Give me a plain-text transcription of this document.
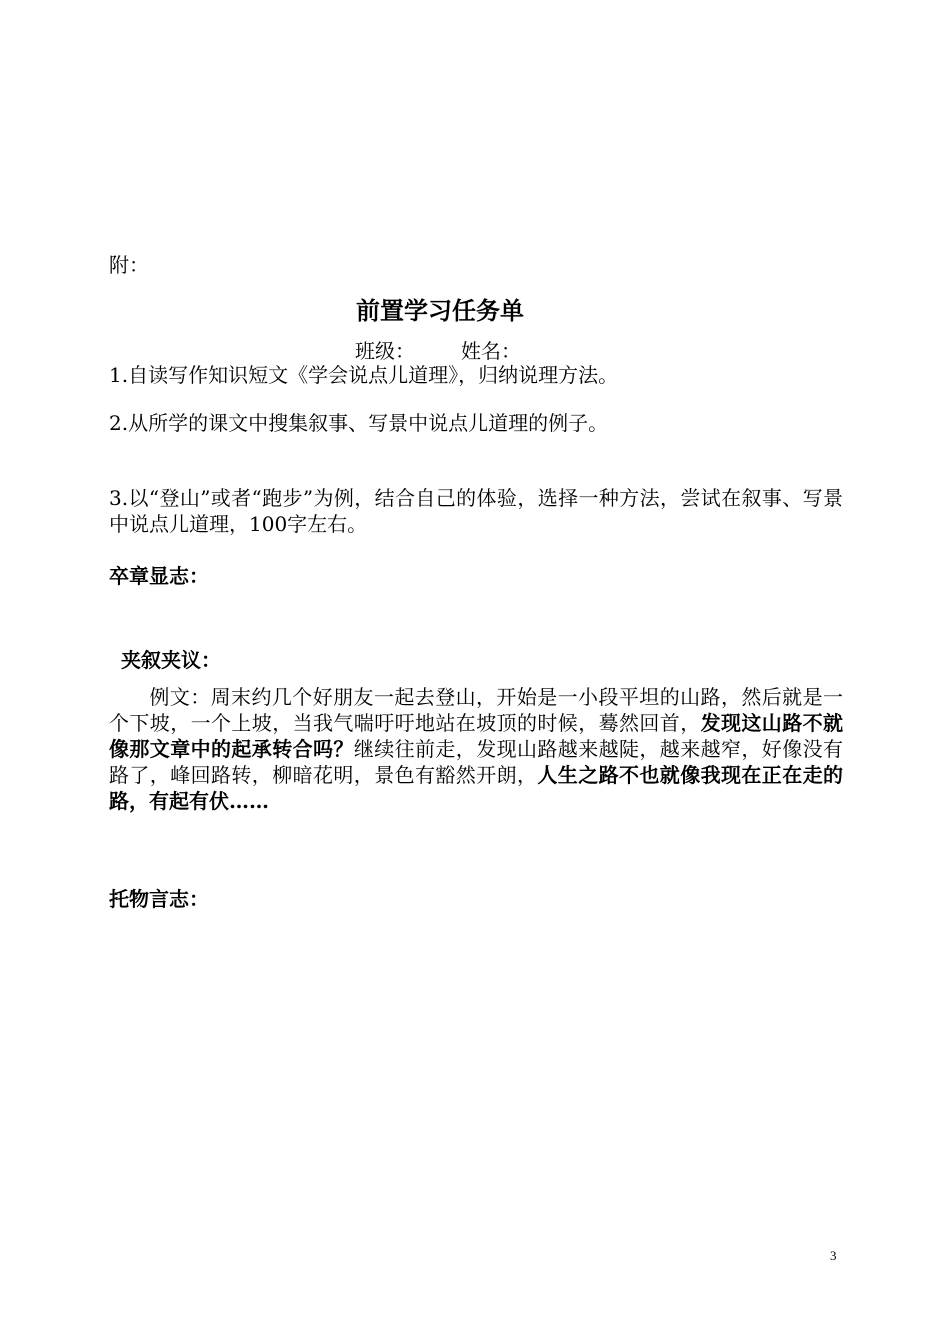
附：

前置学习任务单

班级： 姓名：

1.自读写作知识短文《学会说点儿道理》，归纳说理方法。

2.从所学的课文中搜集叙事、写景中说点儿道理的例子。

3.以“登山”或者“跑步”为例，结合自己的体验，选择一种方法，尝试在叙事、写景中说点儿道理，100字左右。

卒章显志：

夹叙夹议：

例文：周末约几个好朋友一起去登山，开始是一小段平坦的山路，然后就是一个下坡，一个上坡，当我气喘吁吁地站在坡顶的时候，蓦然回首，发现这山路不就像那文章中的起承转合吗？继续往前走，发现山路越来越陡，越来越窄，好像没有路了，峰回路转，柳暗花明，景色有豁然开朗，人生之路不也就像我现在正在走的路，有起有伏……

托物言志：

3
